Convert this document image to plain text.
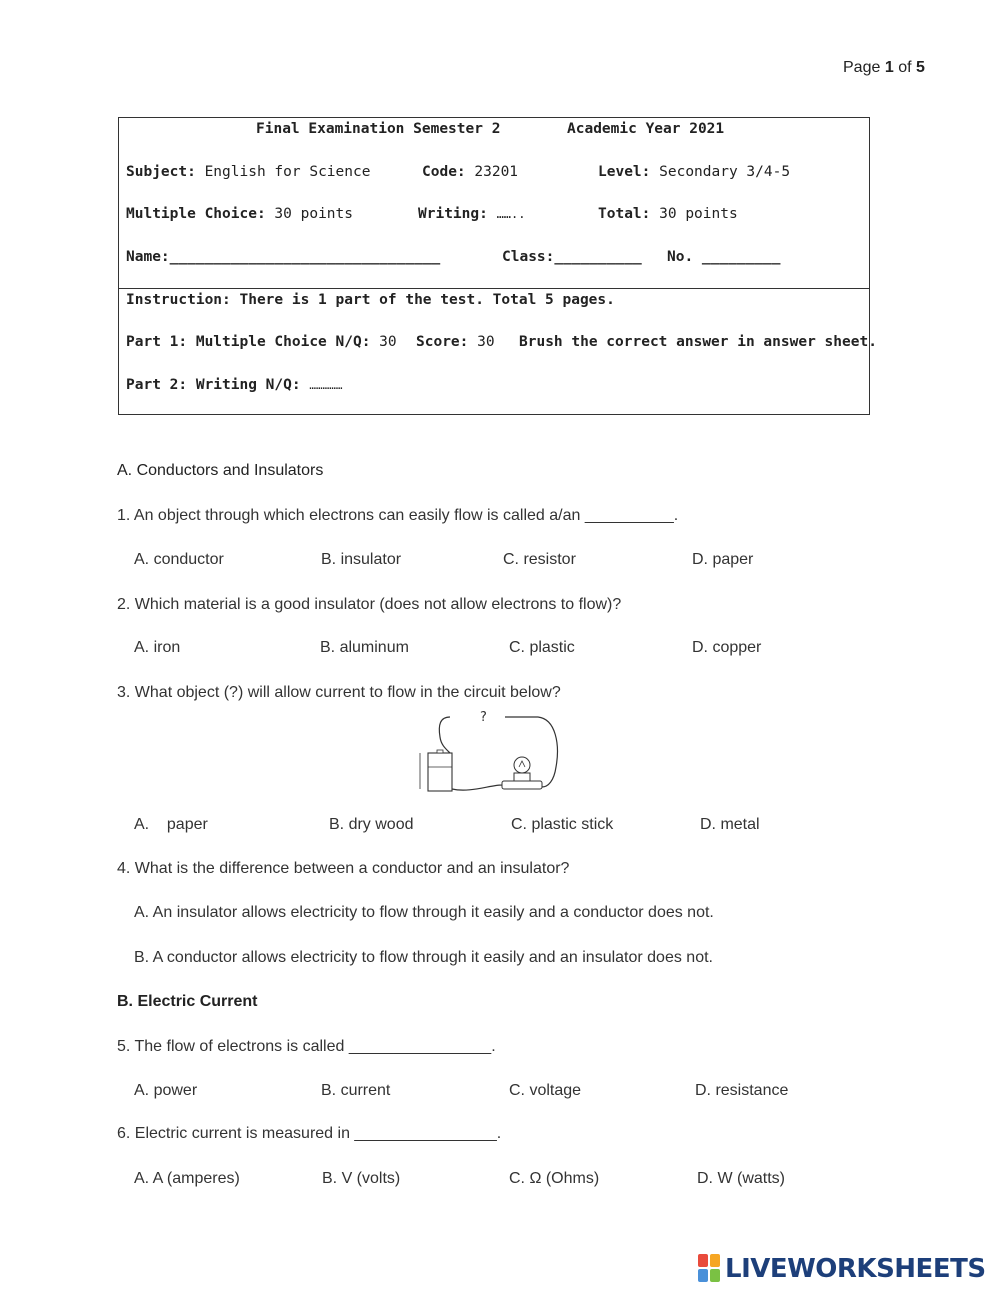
Page 1 of 5
Final Examination Semester 2	Academic Year 2021
Subject: English for Science	Code: 23201	Level: Secondary 3/4-5
Multiple Choice: 30 points	Writing: ……..	Total: 30 points
Name:_______________________________	Class:__________ No. _________
Instruction: There is 1 part of the test. Total 5 pages.
Part 1: Multiple Choice N/Q: 30 Score: 30 Brush the correct answer in answer sheet.
Part 2: Writing N/Q: ……………
A. Conductors and Insulators
1. An object through which electrons can easily flow is called a/an __________.
A. conductor	B. insulator	C. resistor	D. paper
2. Which material is a good insulator (does not allow electrons to flow)?
A. iron	B. aluminum	C. plastic	D. copper
3. What object (?) will allow current to flow in the circuit below?
?
A.    paper	B. dry wood	C. plastic stick	D. metal
4. What is the difference between a conductor and an insulator?
A. An insulator allows electricity to flow through it easily and a conductor does not.
B. A conductor allows electricity to flow through it easily and an insulator does not.
B. Electric Current
5. The flow of electrons is called ________________.
A. power	B. current	C. voltage	D. resistance
6. Electric current is measured in ________________.
A. A (amperes)	B. V (volts)	C. Ω (Ohms)	D. W (watts)
LIVEWORKSHEETS
